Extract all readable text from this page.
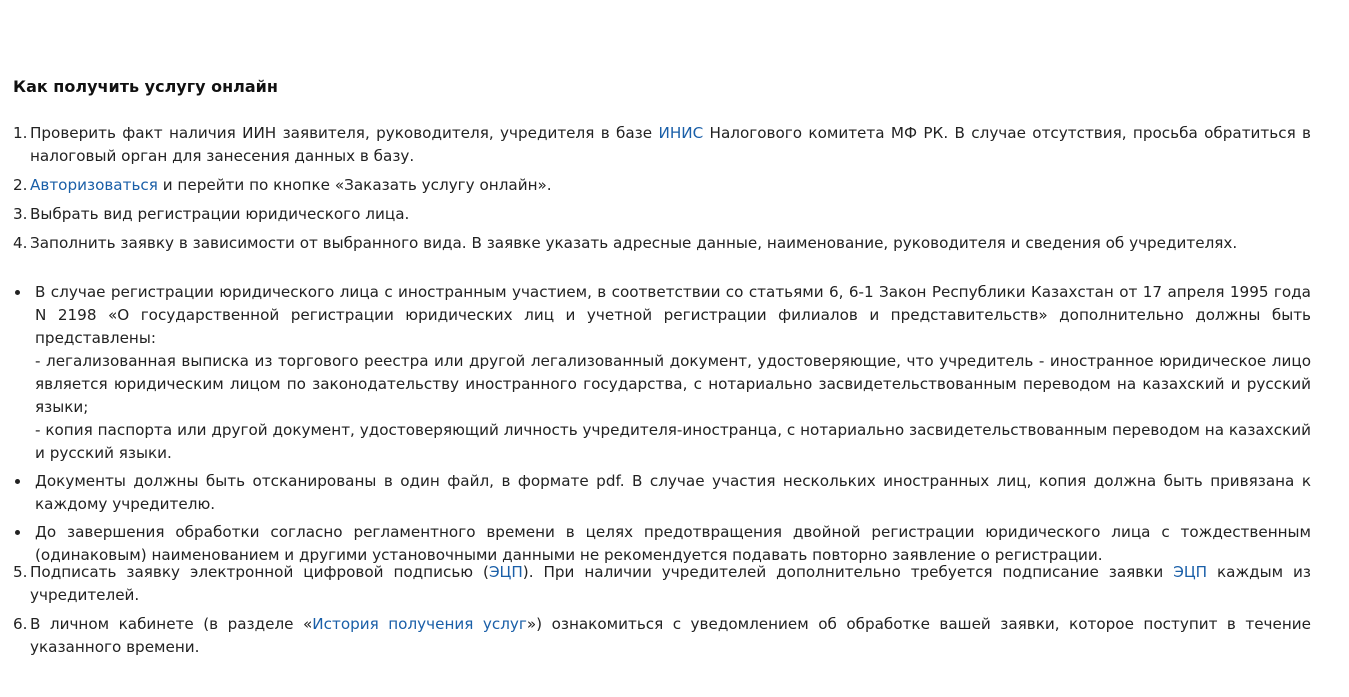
Как получить услугу онлайн
1. Проверить факт наличия ИИН заявителя, руководителя, учредителя в базе ИНИС Налогового комитета МФ РК. В случае отсутствия, просьба обратиться в налоговый орган для занесения данных в базу.
2. Авторизоваться и перейти по кнопке «Заказать услугу онлайн».
3. Выбрать вид регистрации юридического лица.
4. Заполнить заявку в зависимости от выбранного вида. В заявке указать адресные данные, наименование, руководителя и сведения об учредителях.
В случае регистрации юридического лица с иностранным участием, в соответствии со статьями 6, 6-1 Закон Республики Казахстан от 17 апреля 1995 года N 2198 «О государственной регистрации юридических лиц и учетной регистрации филиалов и представительств» дополнительно должны быть представлены:
- легализованная выписка из торгового реестра или другой легализованный документ, удостоверяющие, что учредитель - иностранное юридическое лицо является юридическим лицом по законодательству иностранного государства, с нотариально засвидетельствованным переводом на казахский и русский языки;
- копия паспорта или другой документ, удостоверяющий личность учредителя-иностранца, с нотариально засвидетельствованным переводом на казахский и русский языки.
Документы должны быть отсканированы в один файл, в формате pdf. В случае участия нескольких иностранных лиц, копия должна быть привязана к каждому учредителю.
До завершения обработки согласно регламентного времени в целях предотвращения двойной регистрации юридического лица с тождественным (одинаковым) наименованием и другими установочными данными не рекомендуется подавать повторно заявление о регистрации.
5. Подписать заявку электронной цифровой подписью (ЭЦП). При наличии учредителей дополнительно требуется подписание заявки ЭЦП каждым из учредителей.
6. В личном кабинете (в разделе «История получения услуг») ознакомиться с уведомлением об обработке вашей заявки, которое поступит в течение указанного времени.
